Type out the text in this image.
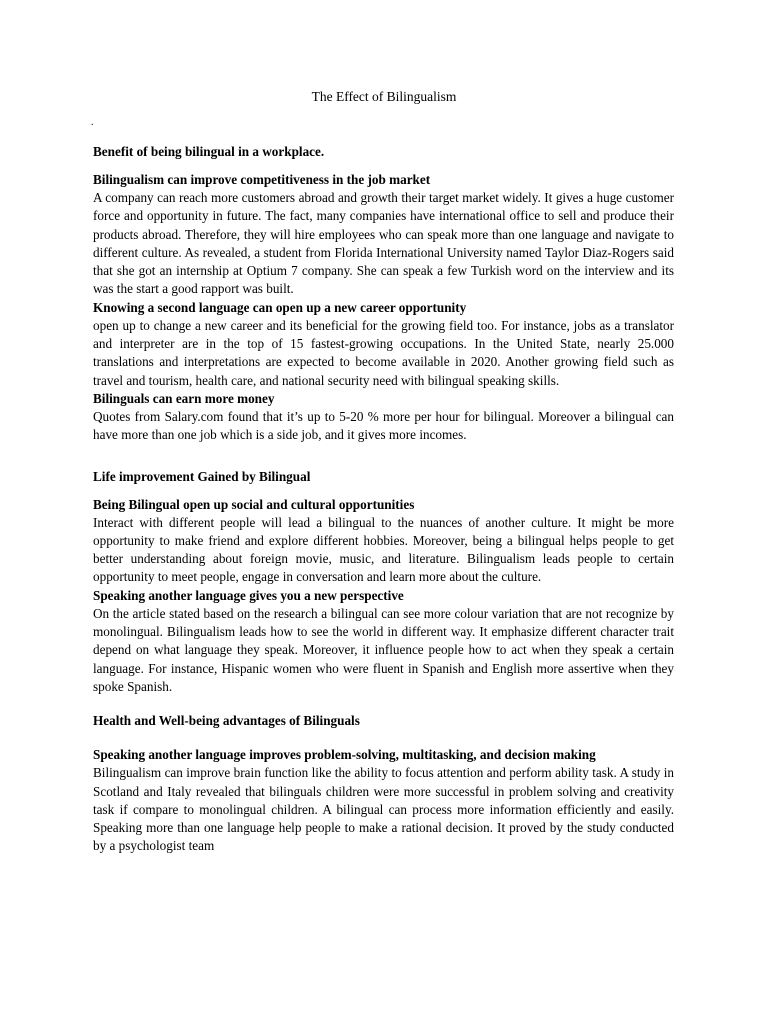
The Effect of Bilingualism
.
Benefit of being bilingual in a workplace.
Bilingualism can improve competitiveness in the job market
A company can reach more customers abroad and growth their target market widely. It gives a huge customer force and opportunity in future. The fact, many companies have international office to sell and produce their products abroad. Therefore, they will hire employees who can speak more than one language and navigate to different culture. As revealed, a student from Florida International University named Taylor Diaz-Rogers said that she got an internship at Optium 7 company. She can speak a few Turkish word on the interview and its was the start a good rapport was built.
Knowing a second language can open up a new career opportunity
open up to change a new career and its beneficial for the growing field too. For instance, jobs as a translator and interpreter are in the top of 15 fastest-growing occupations. In the United State, nearly 25.000 translations and interpretations are expected to become available in 2020. Another growing field such as travel and tourism, health care, and national security need with bilingual speaking skills.
Bilinguals can earn more money
Quotes from Salary.com found that it’s up to 5-20 % more per hour for bilingual. Moreover a bilingual can have more than one job which is a side job, and it gives more incomes.
Life improvement Gained by Bilingual
Being Bilingual open up social and cultural opportunities
Interact with different people will lead a bilingual to the nuances of another culture. It might be more opportunity to make friend and explore different hobbies. Moreover, being a bilingual helps people to get better understanding about foreign movie, music, and literature. Bilingualism leads people to certain opportunity to meet people, engage in conversation and learn more about the culture.
Speaking another language gives you a new perspective
On the article stated based on the research a bilingual can see more colour variation that are not recognize by monolingual. Bilingualism leads how to see the world in different way. It emphasize different character trait depend on what language they speak. Moreover, it influence people how to act when they speak a certain language. For instance, Hispanic women who were fluent in Spanish and English more assertive when they spoke Spanish.
Health and Well-being advantages of Bilinguals
Speaking another language improves problem-solving, multitasking, and decision making
Bilingualism can improve brain function like the ability to focus attention and perform ability task. A study in Scotland and Italy revealed that bilinguals children were more successful in problem solving and creativity task if compare to monolingual children. A bilingual can process more information efficiently and easily. Speaking more than one language help people to make a rational decision. It proved by the study conducted by a psychologist team
